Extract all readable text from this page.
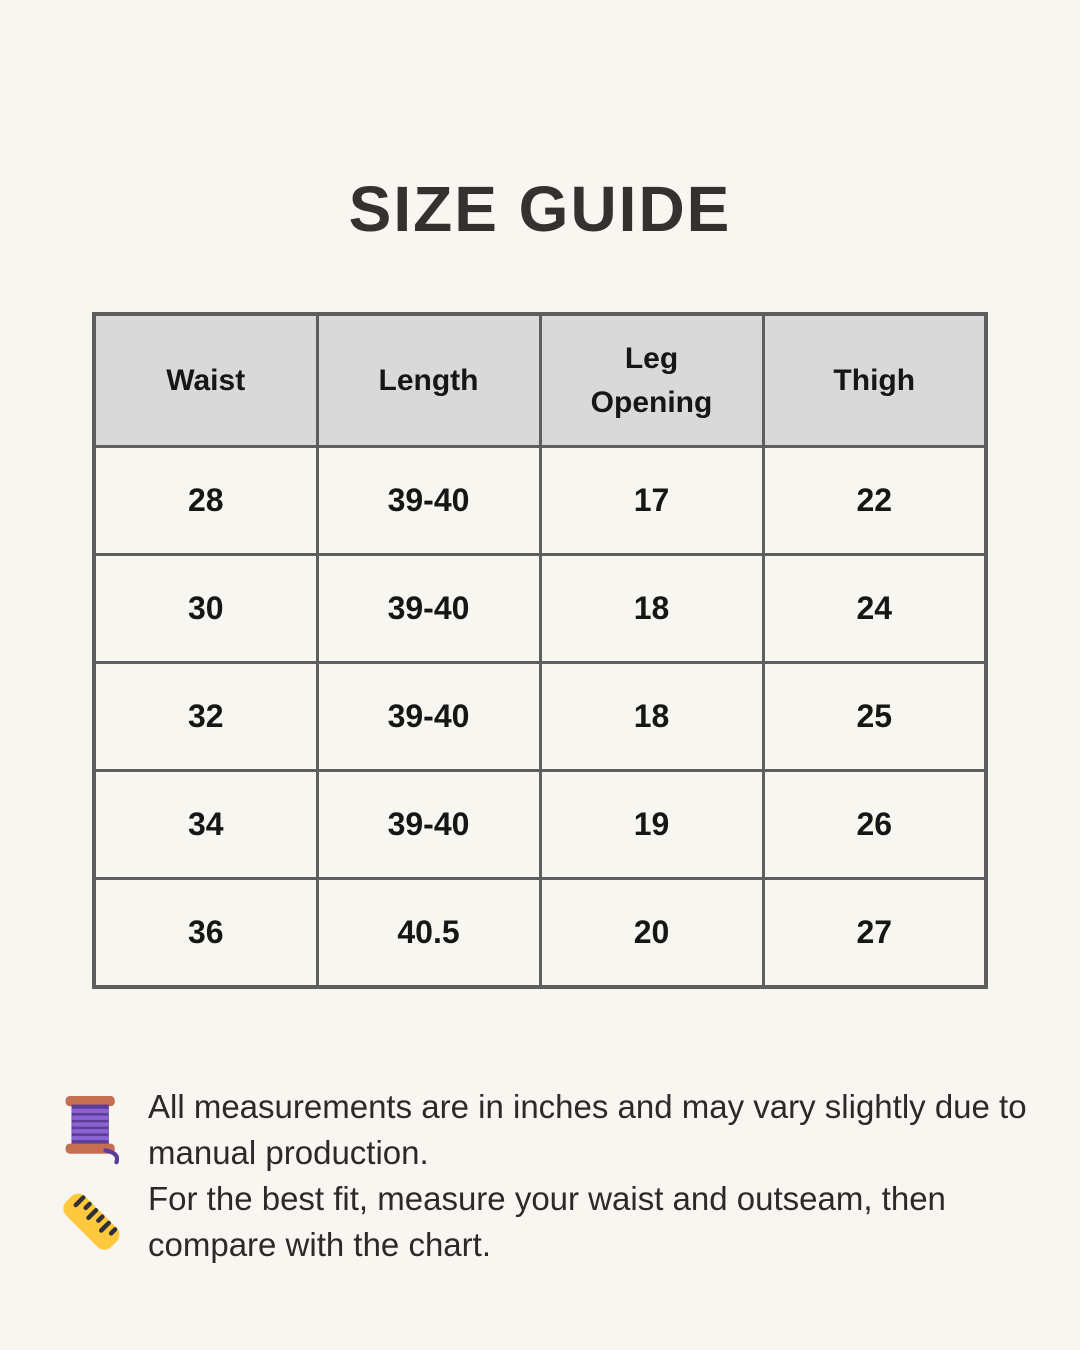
SIZE GUIDE
Waist	Length	Leg Opening	Thigh
28	39-40	17	22
30	39-40	18	24
32	39-40	18	25
34	39-40	19	26
36	40.5	20	27

All measurements are in inches and may vary slightly due to manual production.

For the best fit, measure your waist and outseam, then compare with the chart.
